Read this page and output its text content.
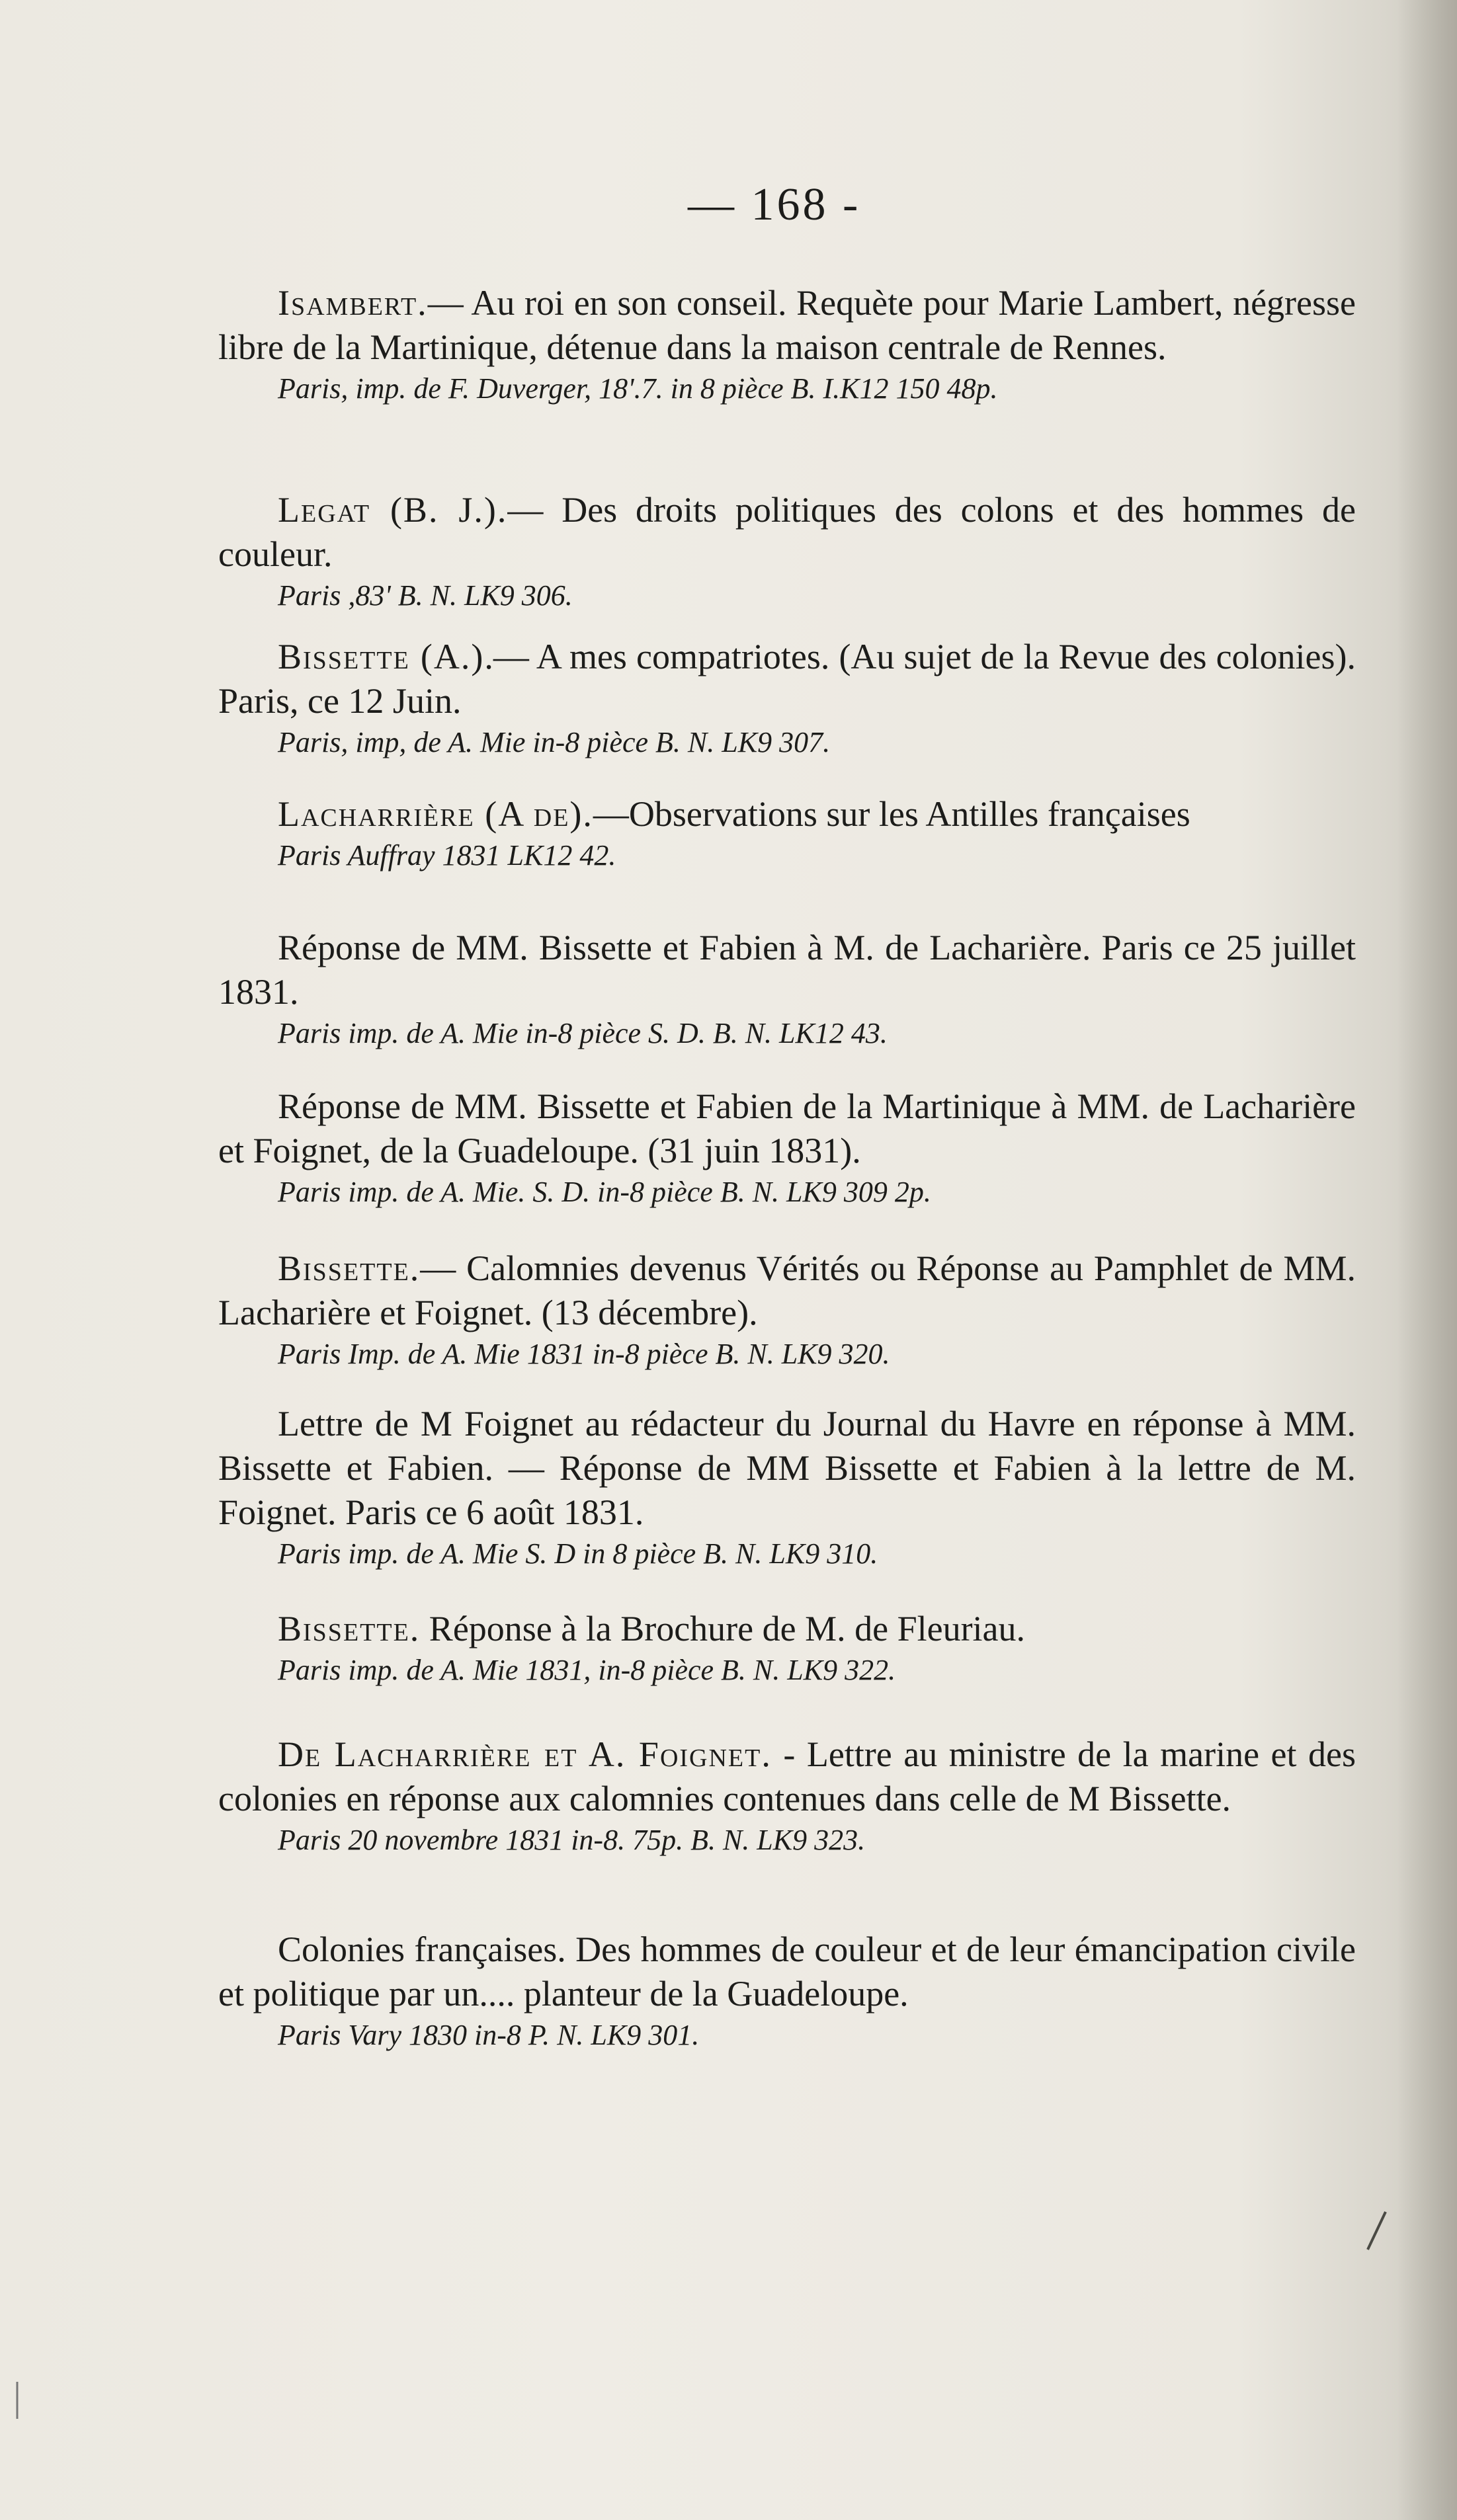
— 168 -

Isambert.— Au roi en son conseil. Requète pour Marie Lambert, négresse libre de la Martinique, détenue dans la maison centrale de Rennes.

Paris, imp. de F. Duverger, 18'.7. in 8 pièce B. I.K12 150 48p.

Legat (B. J.).— Des droits politiques des colons et des hommes de couleur.

Paris ,83' B. N. LK9 306.

Bissette (A.).— A mes compatriotes. (Au sujet de la Revue des colonies). Paris, ce 12 Juin.

Paris, imp, de A. Mie in-8 pièce B. N. LK9 307.

Lacharrière (A de).—Observations sur les Antilles françaises

Paris Auffray 1831 LK12 42.

Réponse de MM. Bissette et Fabien à M. de Lacharière. Paris ce 25 juillet 1831.

Paris imp. de A. Mie in-8 pièce S. D. B. N. LK12 43.

Réponse de MM. Bissette et Fabien de la Martinique à MM. de Lacharière et Foignet, de la Guadeloupe. (31 juin 1831).

Paris imp. de A. Mie. S. D. in-8 pièce B. N. LK9 309 2p.

Bissette.— Calomnies devenus Vérités ou Réponse au Pamphlet de MM. Lacharière et Foignet. (13 décembre).

Paris Imp. de A. Mie 1831 in-8 pièce B. N. LK9 320.

Lettre de M Foignet au rédacteur du Journal du Havre en réponse à MM. Bissette et Fabien. — Réponse de MM Bissette et Fabien à la lettre de M. Foignet. Paris ce 6 août 1831.

Paris imp. de A. Mie S. D in 8 pièce B. N. LK9 310.

Bissette. Réponse à la Brochure de M. de Fleuriau.

Paris imp. de A. Mie 1831, in-8 pièce B. N. LK9 322.

De Lacharrière et A. Foignet. - Lettre au ministre de la marine et des colonies en réponse aux calomnies contenues dans celle de M Bissette.

Paris 20 novembre 1831 in-8. 75p. B. N. LK9 323.

Colonies françaises. Des hommes de couleur et de leur émancipation civile et politique par un.... planteur de la Guadeloupe.

Paris Vary 1830 in-8 P. N. LK9 301.
